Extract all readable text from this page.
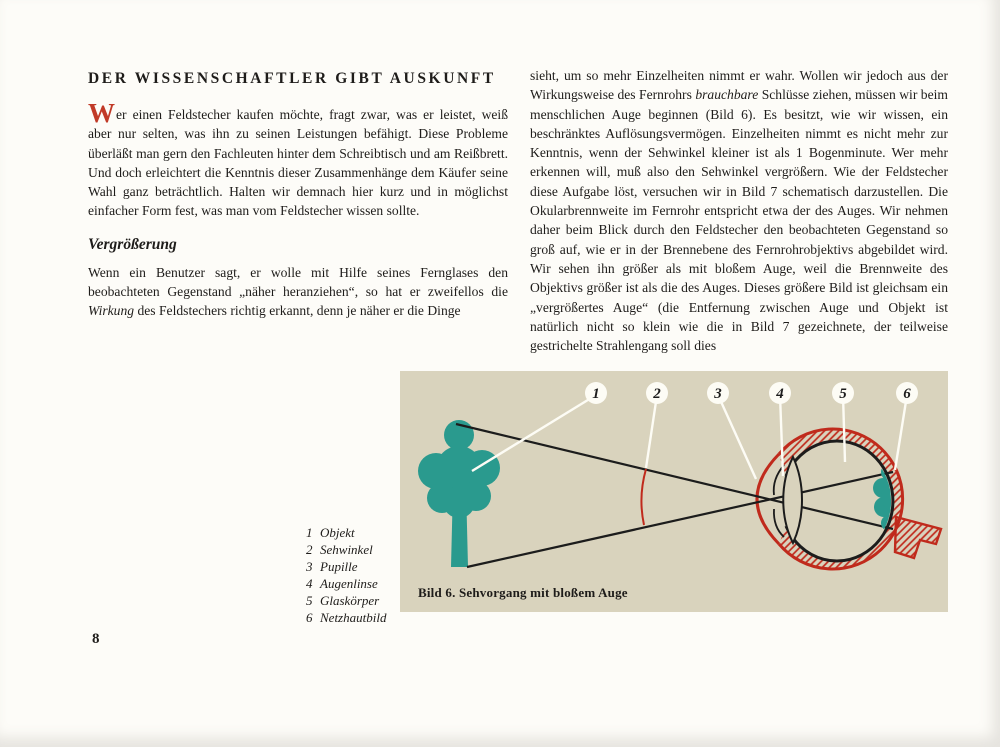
DER WISSENSCHAFTLER GIBT AUSKUNFT

Wer einen Feldstecher kaufen möchte, fragt zwar, was er leistet, weiß aber nur selten, was ihn zu seinen Leistungen befähigt. Diese Probleme überläßt man gern den Fachleuten hinter dem Schreibtisch und am Reißbrett. Und doch erleichtert die Kenntnis dieser Zusammenhänge dem Käufer seine Wahl ganz beträchtlich. Halten wir demnach hier kurz und in möglichst einfacher Form fest, was man vom Feldstecher wissen sollte.

Vergrößerung

Wenn ein Benutzer sagt, er wolle mit Hilfe seines Fernglases den beobachteten Gegenstand „näher heranziehen“, so hat er zweifellos die Wirkung des Feldstechers richtig erkannt, denn je näher er die Dinge

sieht, um so mehr Einzelheiten nimmt er wahr. Wollen wir jedoch aus der Wirkungsweise des Fernrohrs brauchbare Schlüsse ziehen, müssen wir beim menschlichen Auge beginnen (Bild 6). Es besitzt, wie wir wissen, ein beschränktes Auflösungsvermögen. Einzelheiten nimmt es nicht mehr zur Kenntnis, wenn der Sehwinkel kleiner ist als 1 Bogenminute. Wer mehr erkennen will, muß also den Sehwinkel vergrößern. Wie der Feldstecher diese Aufgabe löst, versuchen wir in Bild 7 schematisch darzustellen. Die Okularbrennweite im Fernrohr entspricht etwa der des Auges. Wir nehmen daher beim Blick durch den Feldstecher den beobachteten Gegenstand so groß auf, wie er in der Brennebene des Fernrohrobjektivs abgebildet wird. Wir sehen ihn größer als mit bloßem Auge, weil die Brennweite des Objektivs größer ist als die des Auges. Dieses größere Bild ist gleichsam ein „vergrößertes Auge“ (die Entfernung zwischen Auge und Objekt ist natürlich nicht so klein wie die in Bild 7 gezeichnete, der teilweise gestrichelte Strahlengang soll dies

1 Objekt
2 Sehwinkel
3 Pupille
4 Augenlinse
5 Glaskörper
6 Netzhautbild
1	2	3	4	5	6
Bild 6. Sehvorgang mit bloßem Auge
8
